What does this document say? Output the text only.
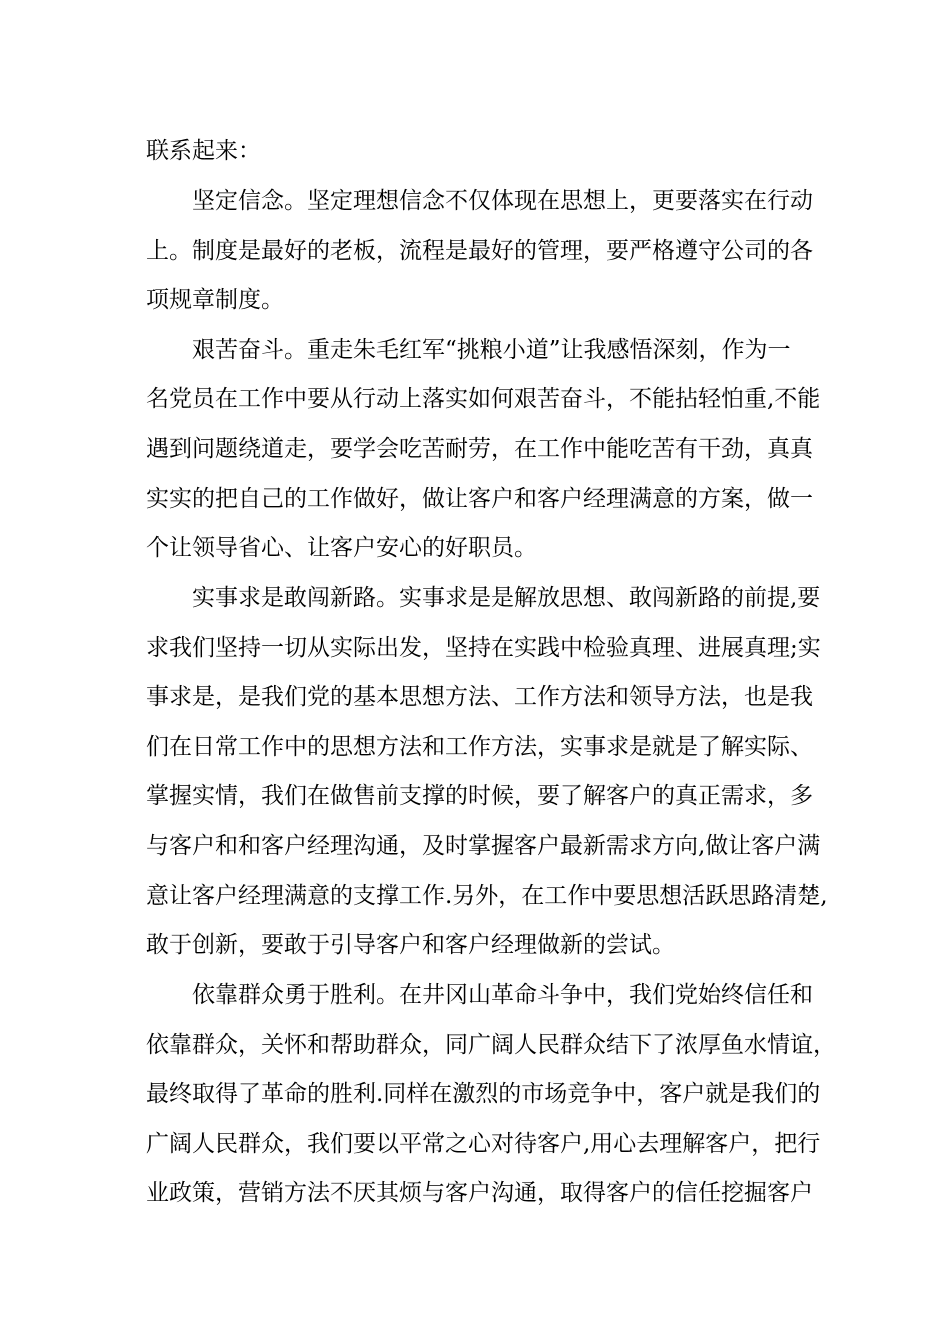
联系起来：

坚定信念。坚定理想信念不仅体现在思想上，更要落实在行动

上。制度是最好的老板，流程是最好的管理，要严格遵守公司的各

项规章制度。

艰苦奋斗。重走朱毛红军“挑粮小道”让我感悟深刻，作为一

名党员在工作中要从行动上落实如何艰苦奋斗，不能拈轻怕重,不能

遇到问题绕道走，要学会吃苦耐劳，在工作中能吃苦有干劲，真真

实实的把自己的工作做好，做让客户和客户经理满意的方案，做一

个让领导省心、让客户安心的好职员。

实事求是敢闯新路。实事求是是解放思想、敢闯新路的前提,要

求我们坚持一切从实际出发，坚持在实践中检验真理、进展真理;实

事求是，是我们党的基本思想方法、工作方法和领导方法，也是我

们在日常工作中的思想方法和工作方法，实事求是就是了解实际、

掌握实情，我们在做售前支撑的时候，要了解客户的真正需求，多

与客户和和客户经理沟通，及时掌握客户最新需求方向,做让客户满

意让客户经理满意的支撑工作.另外，在工作中要思想活跃思路清楚,

敢于创新，要敢于引导客户和客户经理做新的尝试。

依靠群众勇于胜利。在井冈山革命斗争中，我们党始终信任和

依靠群众，关怀和帮助群众，同广阔人民群众结下了浓厚鱼水情谊，

最终取得了革命的胜利.同样在激烈的市场竞争中，客户就是我们的

广阔人民群众，我们要以平常之心对待客户,用心去理解客户，把行

业政策，营销方法不厌其烦与客户沟通，取得客户的信任挖掘客户
